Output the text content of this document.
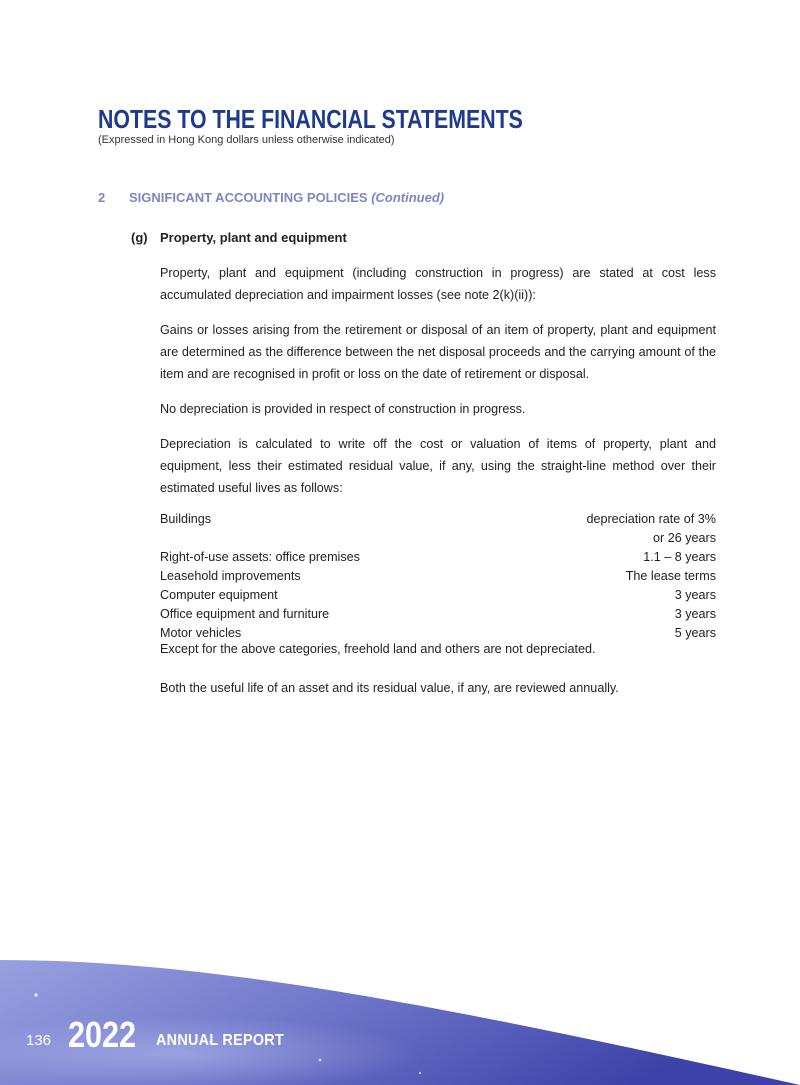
NOTES TO THE FINANCIAL STATEMENTS
(Expressed in Hong Kong dollars unless otherwise indicated)
2 SIGNIFICANT ACCOUNTING POLICIES (Continued)
(g) Property, plant and equipment
Property, plant and equipment (including construction in progress) are stated at cost less accumulated depreciation and impairment losses (see note 2(k)(ii)):
Gains or losses arising from the retirement or disposal of an item of property, plant and equipment are determined as the difference between the net disposal proceeds and the carrying amount of the item and are recognised in profit or loss on the date of retirement or disposal.
No depreciation is provided in respect of construction in progress.
Depreciation is calculated to write off the cost or valuation of items of property, plant and equipment, less their estimated residual value, if any, using the straight-line method over their estimated useful lives as follows:
Buildings	depreciation rate of 3%
or 26 years
Right-of-use assets: office premises	1.1 – 8 years
Leasehold improvements	The lease terms
Computer equipment	3 years
Office equipment and furniture	3 years
Motor vehicles	5 years
Except for the above categories, freehold land and others are not depreciated.
Both the useful life of an asset and its residual value, if any, are reviewed annually.
136 2022 ANNUAL REPORT
